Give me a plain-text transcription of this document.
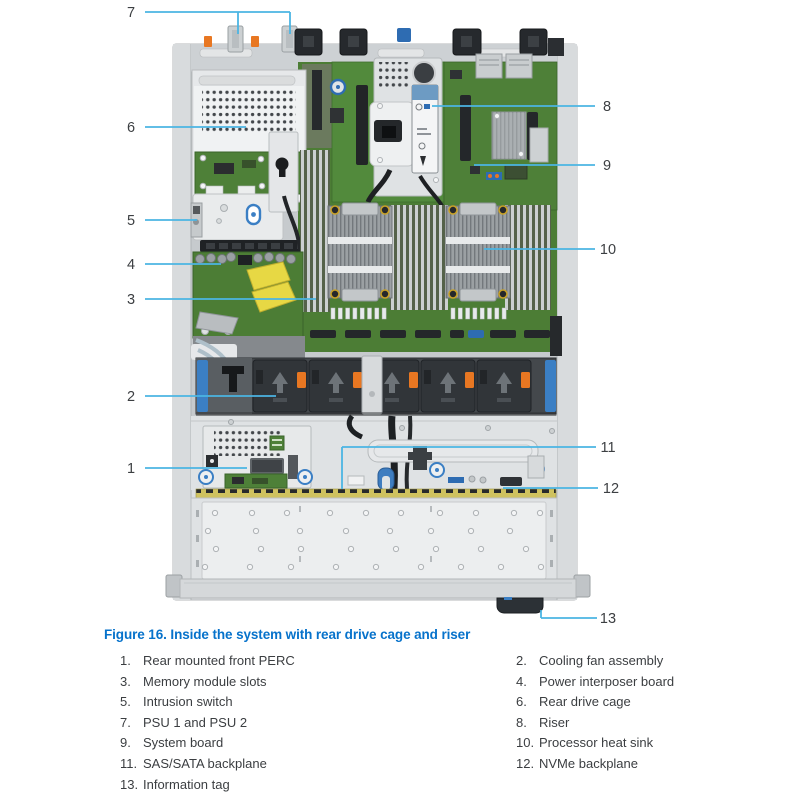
7
6
5
4
3
2
1
8
9
10
11
12
13
Figure 16. Inside the system with rear drive cage and riser
1. Rear mounted front PERC
3. Memory module slots
5. Intrusion switch
7. PSU 1 and PSU 2
9. System board
11. SAS/SATA backplane
13. Information tag
2. Cooling fan assembly
4. Power interposer board
6. Rear drive cage
8. Riser
10. Processor heat sink
12. NVMe backplane
